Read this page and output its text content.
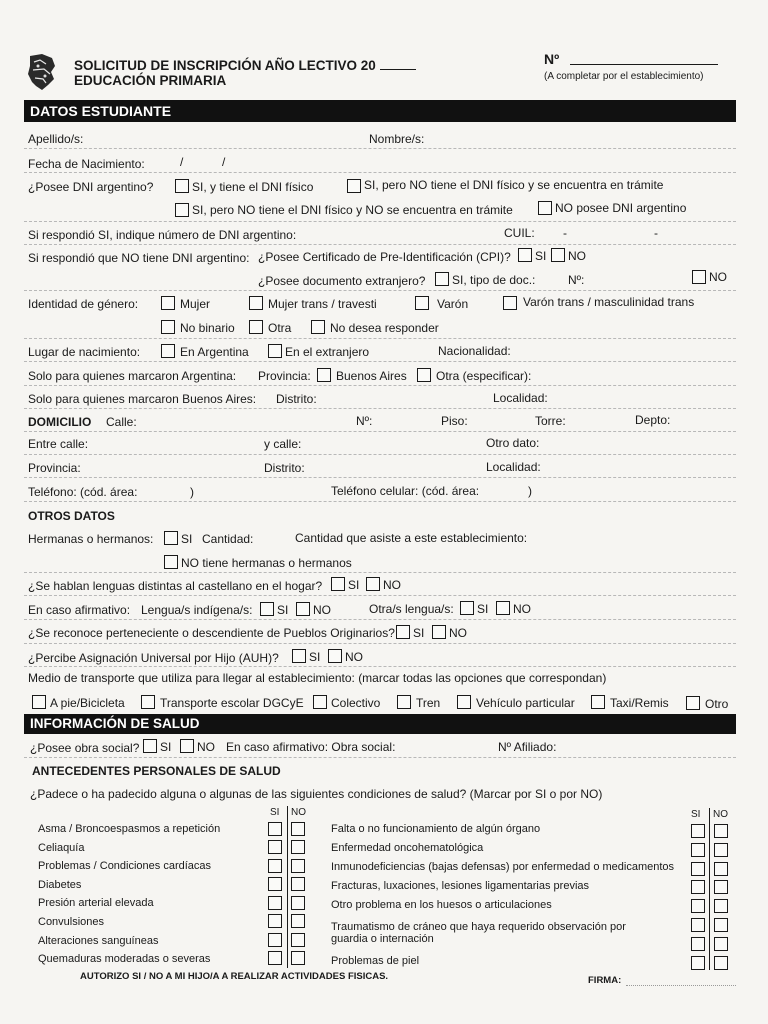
SOLICITUD DE INSCRIPCIÓN AÑO LECTIVO 20
EDUCACIÓN PRIMARIA
Nº
(A completar por el establecimiento)
DATOS ESTUDIANTE
Apellido/s:	Nombre/s:
Fecha de Nacimiento:	/	/
¿Posee DNI argentino?	SI, y tiene el DNI físico	SI, pero NO tiene el DNI físico y se encuentra en trámite
SI, pero NO tiene el DNI físico y NO se encuentra en trámite	NO posee DNI argentino
Si respondió SI, indique número de DNI argentino:	CUIL: -	-
Si respondió que NO tiene DNI argentino: ¿Posee Certificado de Pre-Identificación (CPI)? SI NO
¿Posee documento extranjero? SI, tipo de doc.:	Nº:	NO
Identidad de género:	Mujer	Mujer trans / travesti	Varón	Varón trans / masculinidad trans
No binario	Otra	No desea responder
Lugar de nacimiento:	En Argentina	En el extranjero	Nacionalidad:
Solo para quienes marcaron Argentina: Provincia: Buenos Aires Otra (especificar):
Solo para quienes marcaron Buenos Aires: Distrito:	Localidad:
DOMICILIO Calle:	Nº:	Piso:	Torre:	Depto:
Entre calle:	y calle:	Otro dato:
Provincia:	Distrito:	Localidad:
Teléfono: (cód. área:	)	Teléfono celular: (cód. área:	)
OTROS DATOS
Hermanas o hermanos: SI Cantidad:	Cantidad que asiste a este establecimiento:
NO tiene hermanas o hermanos
¿Se hablan lenguas distintas al castellano en el hogar? SI NO
En caso afirmativo: Lengua/s indígena/s: SI NO	Otra/s lengua/s: SI NO
¿Se reconoce perteneciente o descendiente de Pueblos Originarios? SI NO
¿Percibe Asignación Universal por Hijo (AUH)?	SI NO
Medio de transporte que utiliza para llegar al establecimiento: (marcar todas las opciones que correspondan)
A pie/Bicicleta	Transporte escolar DGCyE Colectivo	Tren	Vehículo particular	Taxi/Remis	Otro
INFORMACIÓN DE SALUD
¿Posee obra social? SI NO En caso afirmativo: Obra social:	Nº Afiliado:
ANTECEDENTES PERSONALES DE SALUD
¿Padece o ha padecido alguna o algunas de las siguientes condiciones de salud? (Marcar por SI o por NO)
SI NO	SI NO
Asma / Broncoespasmos a repetición
Celiaquía
Problemas / Condiciones cardíacas
Diabetes
Presión arterial elevada
Convulsiones
Alteraciones sanguíneas
Quemaduras moderadas o severas
Falta o no funcionamiento de algún órgano
Enfermedad oncohematológica
Inmunodeficiencias (bajas defensas) por enfermedad o medicamentos
Fracturas, luxaciones, lesiones ligamentarias previas
Otro problema en los huesos o articulaciones
Traumatismo de cráneo que haya requerido observación por
guardia o internación
Problemas de piel
AUTORIZO SI / NO A MI HIJO/A A REALIZAR ACTIVIDADES FISICAS.	FIRMA:
